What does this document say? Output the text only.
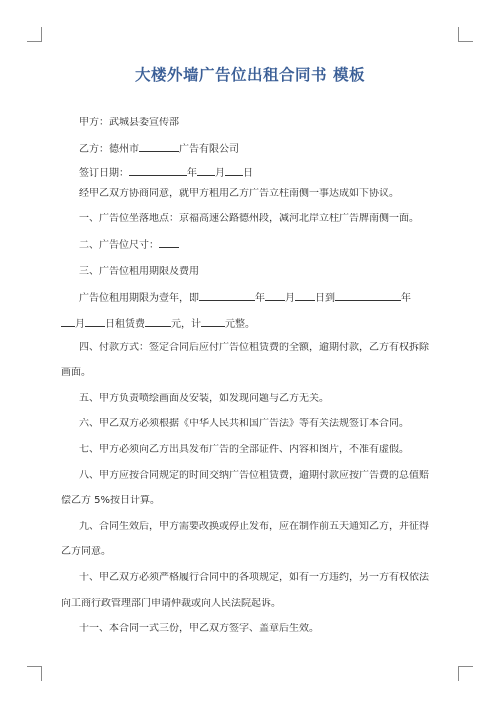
大楼外墙广告位出租合同书 模板
甲方：武城县委宣传部
乙方：德州市	广告有限公司
签订日期：	年 月 日
经甲乙双方协商同意，就甲方租用乙方广告立柱南侧一事达成如下协议。
一、广告位坐落地点：京福高速公路德州段，减河北岸立柱广告牌南侧一面。
二、广告位尺寸：
三、广告位租用期限及费用
广告位租用期限为壹年，即	年 月 日到	年
月 日租赁费	元，计 元整。
四、付款方式：签定合同后应付广告位租赁费的全额，逾期付款，乙方有权拆除
画面。
五、甲方负责喷绘画面及安装，如发现问题与乙方无关。
六、甲乙双方必须根据《中华人民共和国广告法》等有关法规签订本合同。
七、甲方必须向乙方出具发布广告的全部证件、内容和图片，不准有虚假。
八、甲方应按合同规定的时间交纳广告位租赁费，逾期付款应按广告费的总值赔
偿乙方 5%按日计算。
九、合同生效后，甲方需要改换或停止发布，应在制作前五天通知乙方，并征得
乙方同意。
十、甲乙双方必须严格履行合同中的各项规定，如有一方违约，另一方有权依法
向工商行政管理部门申请仲裁或向人民法院起诉。
十一、本合同一式三份，甲乙双方签字、盖章后生效。
